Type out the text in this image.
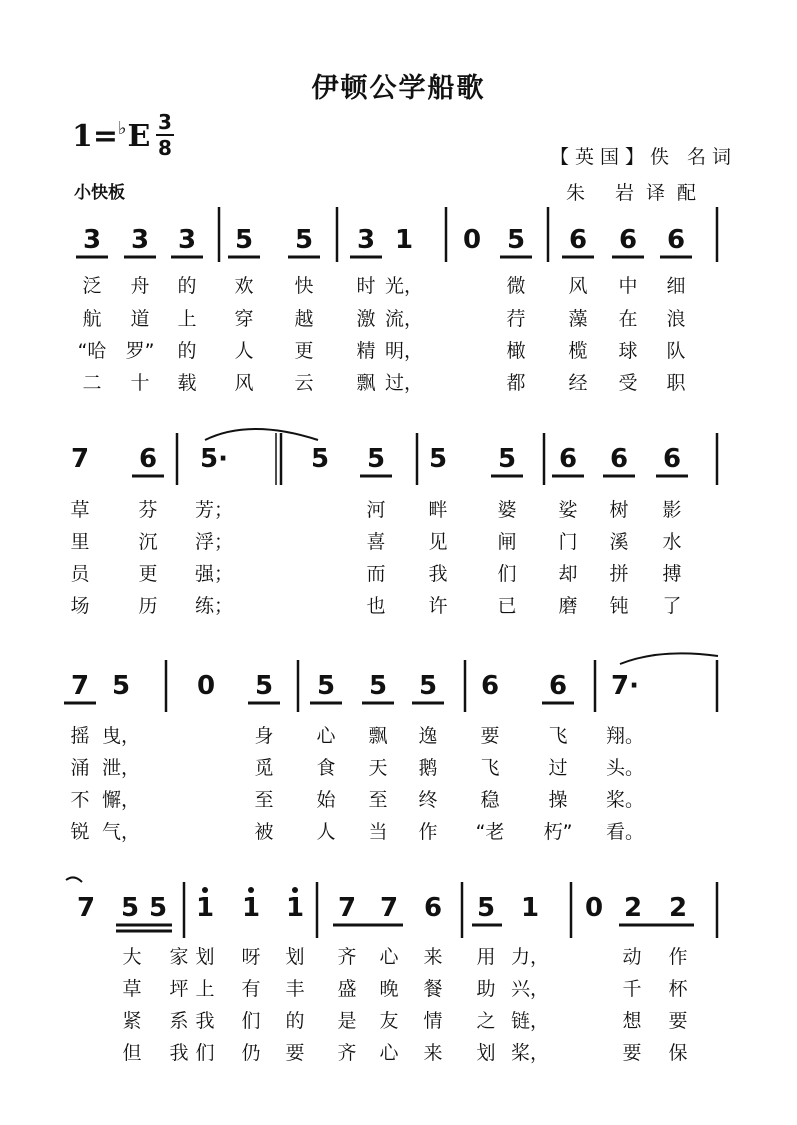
伊顿公学船歌
1=♭E 3
8
小快板
【英国】佚 名词
朱 岩译配
3 3 3 5 5 3 1 0 5 6 6 6
泛 舟 的 欢 快 时 光，	微 风 中 细
航 道 上 穿 越 激 流，	荇 藻 在 浪
“哈 罗” 的 人 更 精 明，	橄 榄 球 队
二 十 载 风 云 飘 过，	都 经 受 职
7 6 5·	5 5 5 5 6 6 6
草	芬 芳；	河 畔	婆 娑 树 影
里	沉 浮；	喜 见	闸 门 溪 水
员	更 强；	而 我	们 却 拼 搏
场	历 练；	也 许	已 磨 钝 了
7 5	0 5 5 5 5 6 6 7·
摇 曳，	身 心 飘 逸 要	飞 翔。
涌 泄，	觅 食 天 鹅 飞	过 头。
不 懈，	至 始 至 终 稳	操 桨。
锐 气，	被 人 当 作 “老 朽” 看。
7 5 5 1 1 1 7 7 6 5 1 0 2 2
大 家 划 呀 划 齐 心 来 用 力，	动 作
草 坪 上 有 丰 盛 晚 餐 助 兴，	千 杯
紧 系 我 们 的 是 友 情 之 链，	想 要
但 我 们 仍 要 齐 心 来 划 桨，	要 保
